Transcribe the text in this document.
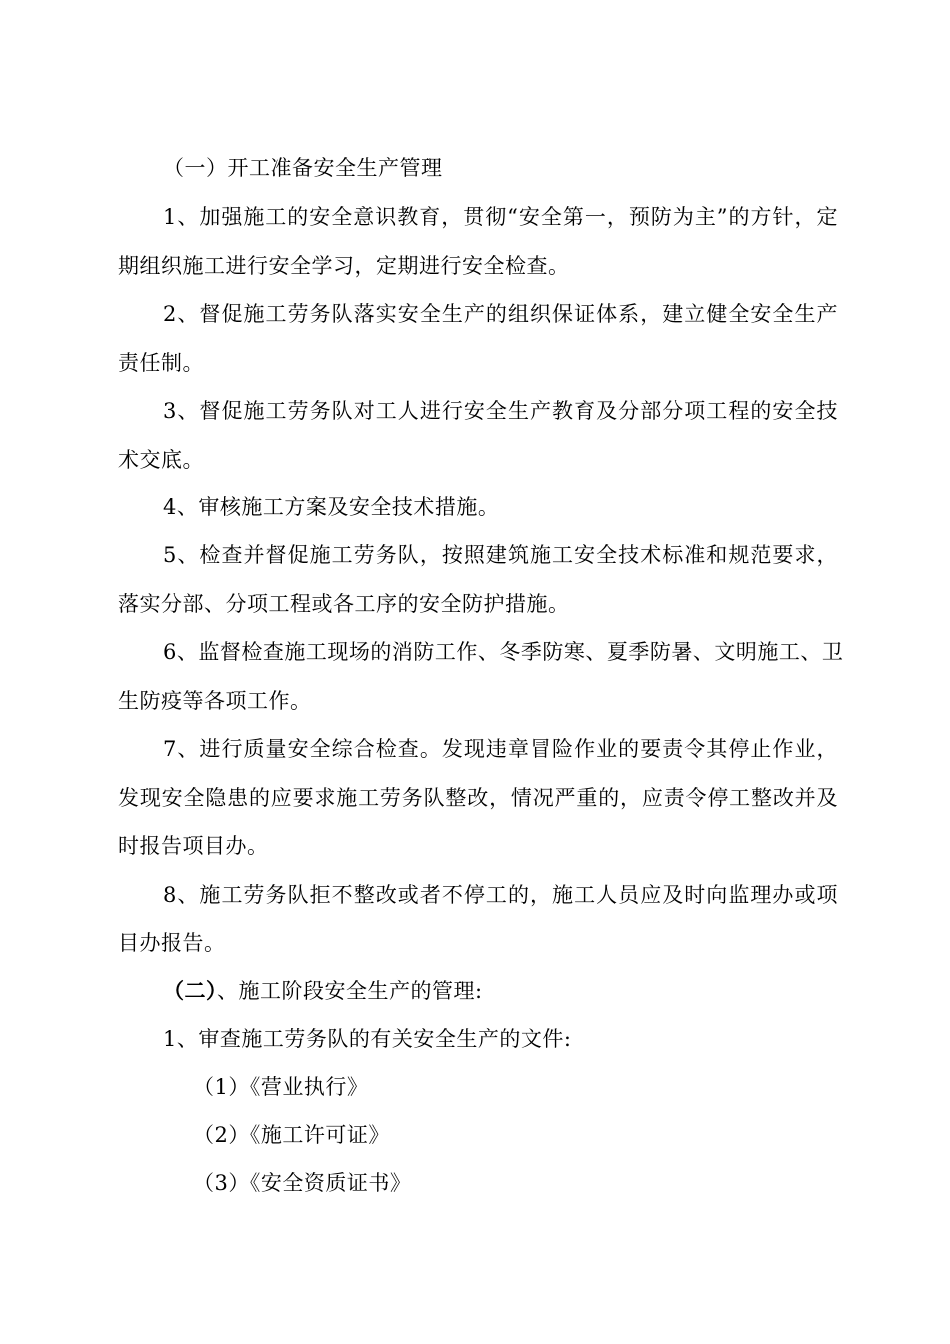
（一）开工准备安全生产管理
1、加强施工的安全意识教育，贯彻“安全第一，预防为主”的方针，定
期组织施工进行安全学习，定期进行安全检查。
2、督促施工劳务队落实安全生产的组织保证体系，建立健全安全生产
责任制。
3、督促施工劳务队对工人进行安全生产教育及分部分项工程的安全技
术交底。
4、审核施工方案及安全技术措施。
5、检查并督促施工劳务队，按照建筑施工安全技术标准和规范要求，
落实分部、分项工程或各工序的安全防护措施。
6、监督检查施工现场的消防工作、冬季防寒、夏季防暑、文明施工、卫
生防疫等各项工作。
7、进行质量安全综合检查。发现违章冒险作业的要责令其停止作业，
发现安全隐患的应要求施工劳务队整改，情况严重的，应责令停工整改并及
时报告项目办。
8、施工劳务队拒不整改或者不停工的，施工人员应及时向监理办或项
目办报告。
（二）、施工阶段安全生产的管理:
1、审查施工劳务队的有关安全生产的文件:
（1）《营业执行》
（2）《施工许可证》
（3）《安全资质证书》
